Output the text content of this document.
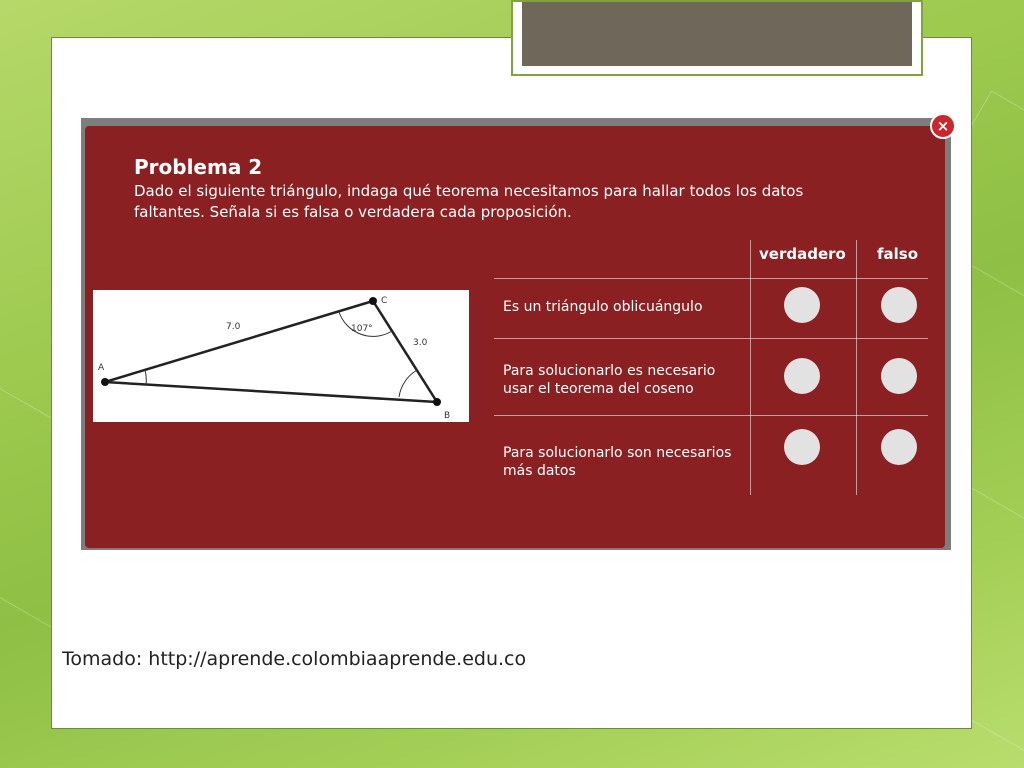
×
Problema 2
Dado el siguiente triángulo, indaga qué teorema necesitamos para hallar todos los datos faltantes. Señala si es falsa o verdadera cada proposición.
A
C
B
7.0
3.0
107°
verdadero falso
Es un triángulo oblicuángulo
Para solucionarlo es necesario usar el teorema del coseno
Para solucionarlo son necesarios más datos
Tomado: http://aprende.colombiaaprende.edu.co
